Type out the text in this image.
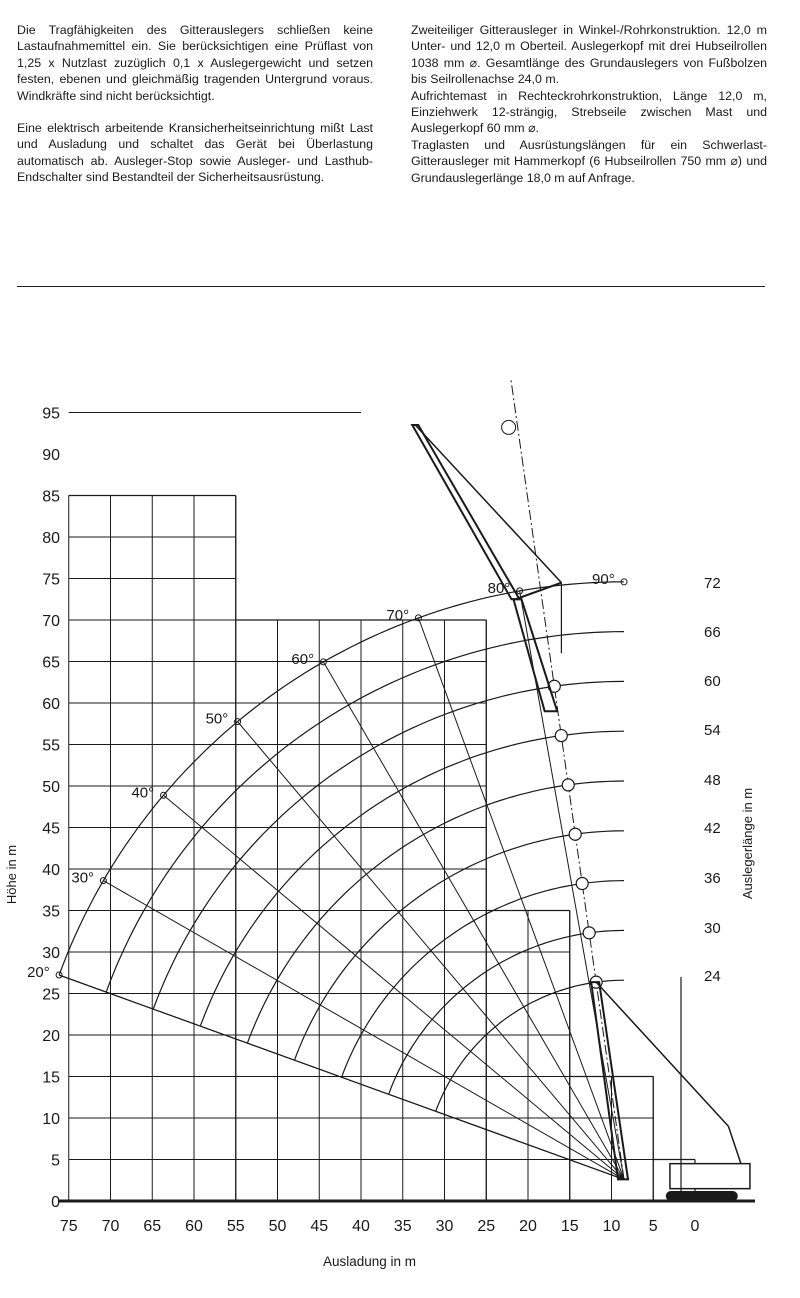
Die Tragfähigkeiten des Gitterauslegers schließen keine Lastaufnahmemittel ein. Sie berücksichtigen eine Prüflast von 1,25 x Nutzlast zuzüglich 0,1 x Auslegergewicht und setzen festen, ebenen und gleichmäßig tragenden Untergrund voraus. Windkräfte sind nicht berücksichtigt.

Eine elektrisch arbeitende Kransicherheitseinrichtung mißt Last und Ausladung und schaltet das Gerät bei Überlastung automatisch ab. Ausleger-Stop sowie Ausleger- und Lasthub-Endschalter sind Bestandteil der Sicherheitsausrüstung.

Zweiteiliger Gitterausleger in Winkel-/Rohrkonstruktion. 12,0 m Unter- und 12,0 m Oberteil. Auslegerkopf mit drei Hubseilrollen 1038 mm ⌀. Gesamtlänge des Grundauslegers von Fußbolzen bis Seilrollenachse 24,0 m.

Aufrichtemast in Rechteckrohrkonstruktion, Länge 12,0 m, Einziehwerk 12-strängig, Strebseile zwischen Mast und Auslegerkopf 60 mm ⌀.

Traglasten und Ausrüstungslängen für ein Schwerlast-Gitterausleger mit Hammerkopf (6 Hubseilrollen 750 mm ⌀) und Grundauslegerlänge 18,0 m auf Anfrage.

20°
30°
40°
50°
60°
70°
80°
90°
24
30
36
42
48
54
60
66
72
0
5
10
15
20
25
30
35
40
45
50
55
60
65
70
75
80
85
90
95
75 70 65 60 55 50 45 40 35 30 25 20 15 10 5 0
Höhe in m	Auslegerlänge in m
Ausladung in m
